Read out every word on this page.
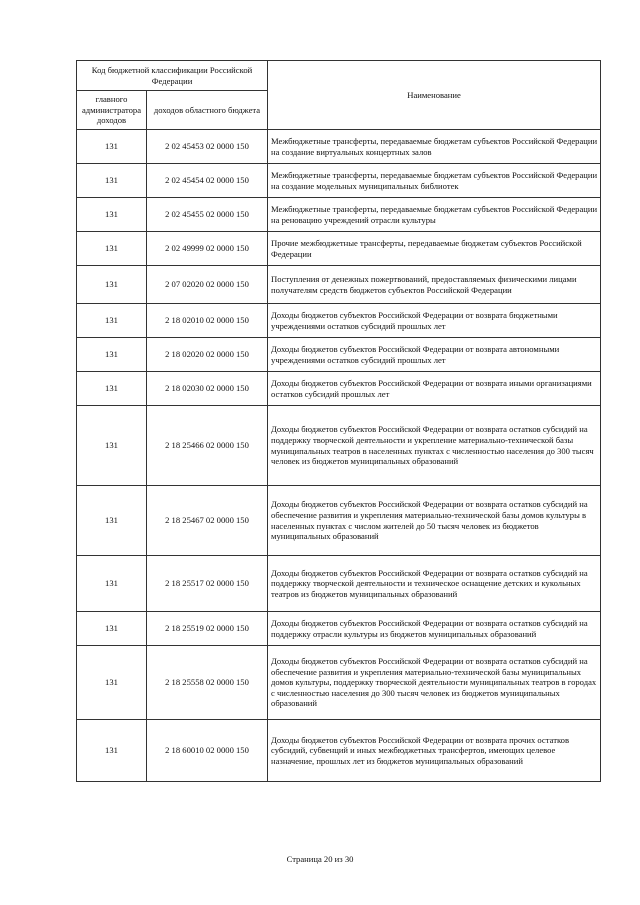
Код бюджетной классификации Российской Федерации		Наименование
главного администратора доходов	доходов областного бюджета	
131	2 02 45453 02 0000 150	Межбюджетные трансферты, передаваемые бюджетам субъектов Российской Федерации на создание виртуальных концертных залов
131	2 02 45454 02 0000 150	Межбюджетные трансферты, передаваемые бюджетам субъектов Российской Федерации на создание модельных муниципальных библиотек
131	2 02 45455 02 0000 150	Межбюджетные трансферты, передаваемые бюджетам субъектов Российской Федерации на реновацию учреждений отрасли культуры
131	2 02 49999 02 0000 150	Прочие межбюджетные трансферты, передаваемые бюджетам субъектов Российской Федерации
131	2 07 02020 02 0000 150	Поступления от денежных пожертвований, предоставляемых физическими лицами получателям средств бюджетов субъектов Российской Федерации
131	2 18 02010 02 0000 150	Доходы бюджетов субъектов Российской Федерации от возврата бюджетными учреждениями остатков субсидий прошлых лет
131	2 18 02020 02 0000 150	Доходы бюджетов субъектов Российской Федерации от возврата автономными учреждениями остатков субсидий прошлых лет
131	2 18 02030 02 0000 150	Доходы бюджетов субъектов Российской Федерации от возврата иными организациями остатков субсидий прошлых лет
131	2 18 25466 02 0000 150	Доходы бюджетов субъектов Российской Федерации от возврата остатков субсидий на поддержку творческой деятельности и укрепление материально-технической базы муниципальных театров в населенных пунктах с численностью населения до 300 тысяч человек из бюджетов муниципальных образований
131	2 18 25467 02 0000 150	Доходы бюджетов субъектов Российской Федерации от возврата остатков субсидий на обеспечение развития и укрепления материально-технической базы домов культуры в населенных пунктах с числом жителей до 50 тысяч человек из бюджетов муниципальных образований
131	2 18 25517 02 0000 150	Доходы бюджетов субъектов Российской Федерации от возврата остатков субсидий на поддержку творческой деятельности и техническое оснащение детских и кукольных театров из бюджетов муниципальных образований
131	2 18 25519 02 0000 150	Доходы бюджетов субъектов Российской Федерации от возврата остатков субсидий на поддержку отрасли культуры из бюджетов муниципальных образований
131	2 18 25558 02 0000 150	Доходы бюджетов субъектов Российской Федерации от возврата остатков субсидий на обеспечение развития и укрепления материально-технической базы муниципальных домов культуры, поддержку творческой деятельности муниципальных театров в городах с численностью населения до 300 тысяч человек из бюджетов муниципальных образований
131	2 18 60010 02 0000 150	Доходы бюджетов субъектов Российской Федерации от возврата прочих остатков субсидий, субвенций и иных межбюджетных трансфертов, имеющих целевое назначение, прошлых лет из бюджетов муниципальных образований
Страница 20 из 30
